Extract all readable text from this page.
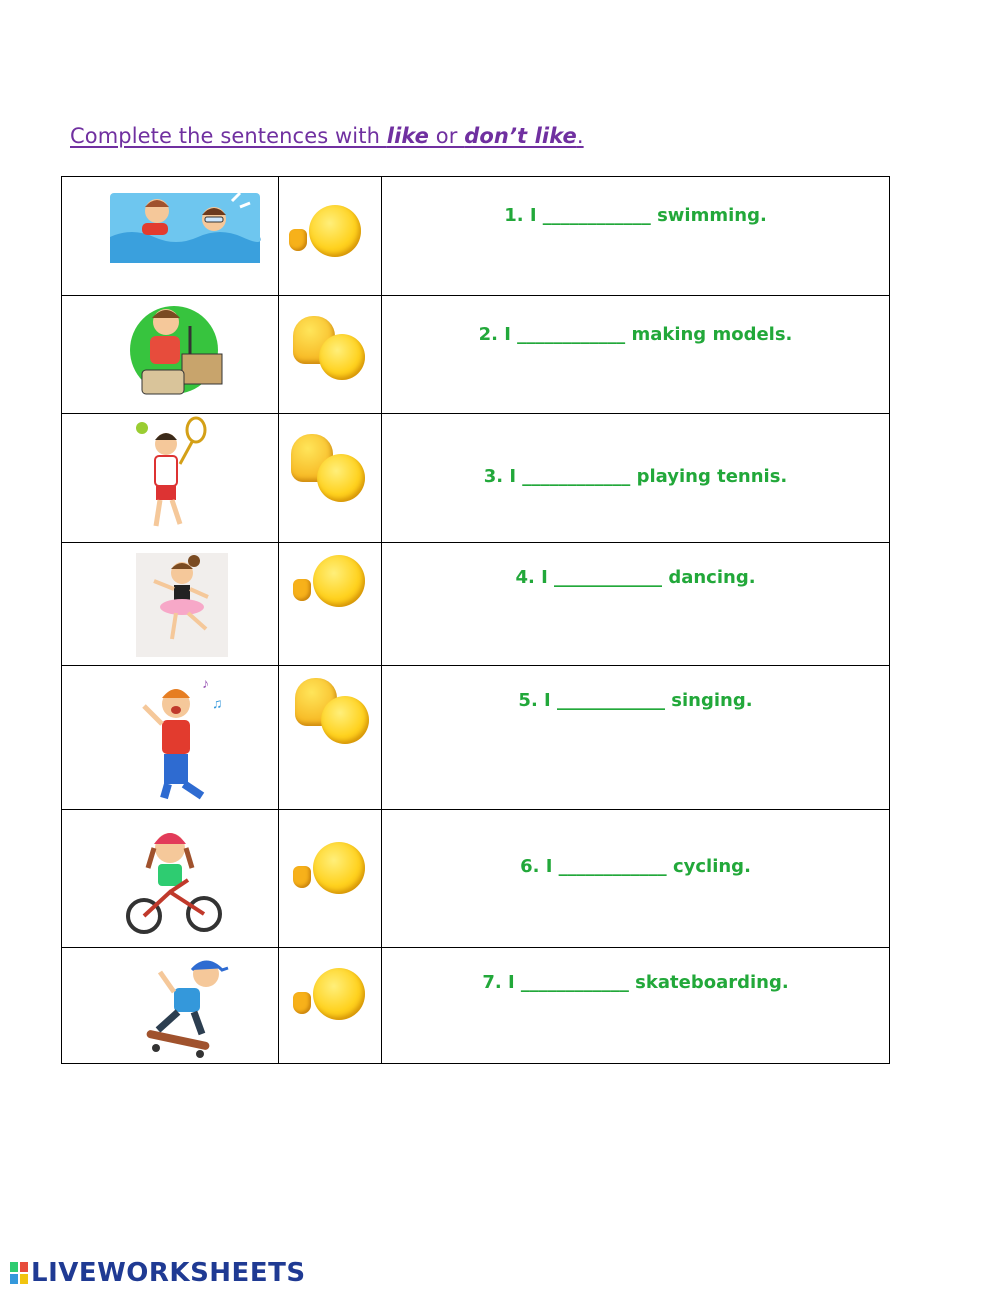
Complete the sentences with like or don’t like.

	1. I ____________ swimming.

	2. I ____________ making models.

	3. I ____________ playing tennis.

	4. I ____________ dancing.

♪
♫		5. I ____________ singing.

	6. I ____________ cycling.

	7. I ____________ skateboarding.
LIVEWORKSHEETS
